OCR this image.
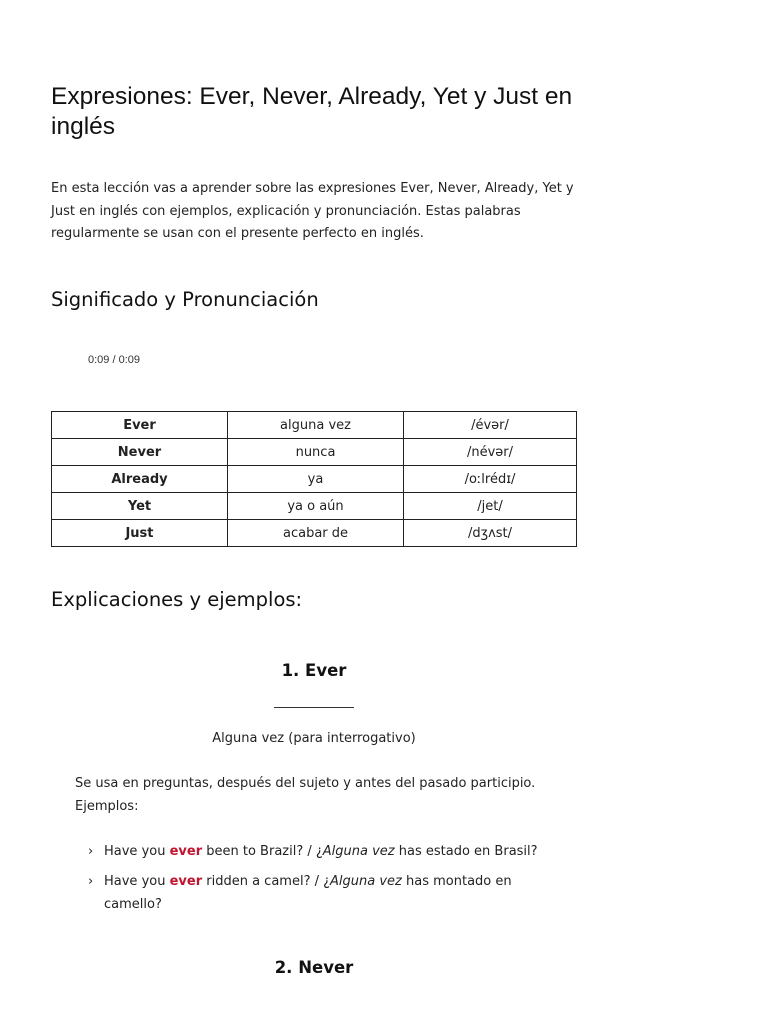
Expresiones: Ever, Never, Already, Yet y Just en inglés

En esta lección vas a aprender sobre las expresiones Ever, Never, Already, Yet y Just en inglés con ejemplos, explicación y pronunciación. Estas palabras regularmente se usan con el presente perfecto en inglés.

Significado y Pronunciación
0:09 / 0:09
Ever	alguna vez	/évər/
Never	nunca	/névər/
Already	ya	/oːlrédɪ/
Yet	ya o aún	/jet/
Just	acabar de	/dʒʌst/
Explicaciones y ejemplos:
1. Ever

Alguna vez (para interrogativo)

Se usa en preguntas, después del sujeto y antes del pasado participio.
Ejemplos:

› Have you ever been to Brazil? / ¿Alguna vez has estado en Brasil?
› Have you ever ridden a camel? / ¿Alguna vez has montado en camello?
2. Never
